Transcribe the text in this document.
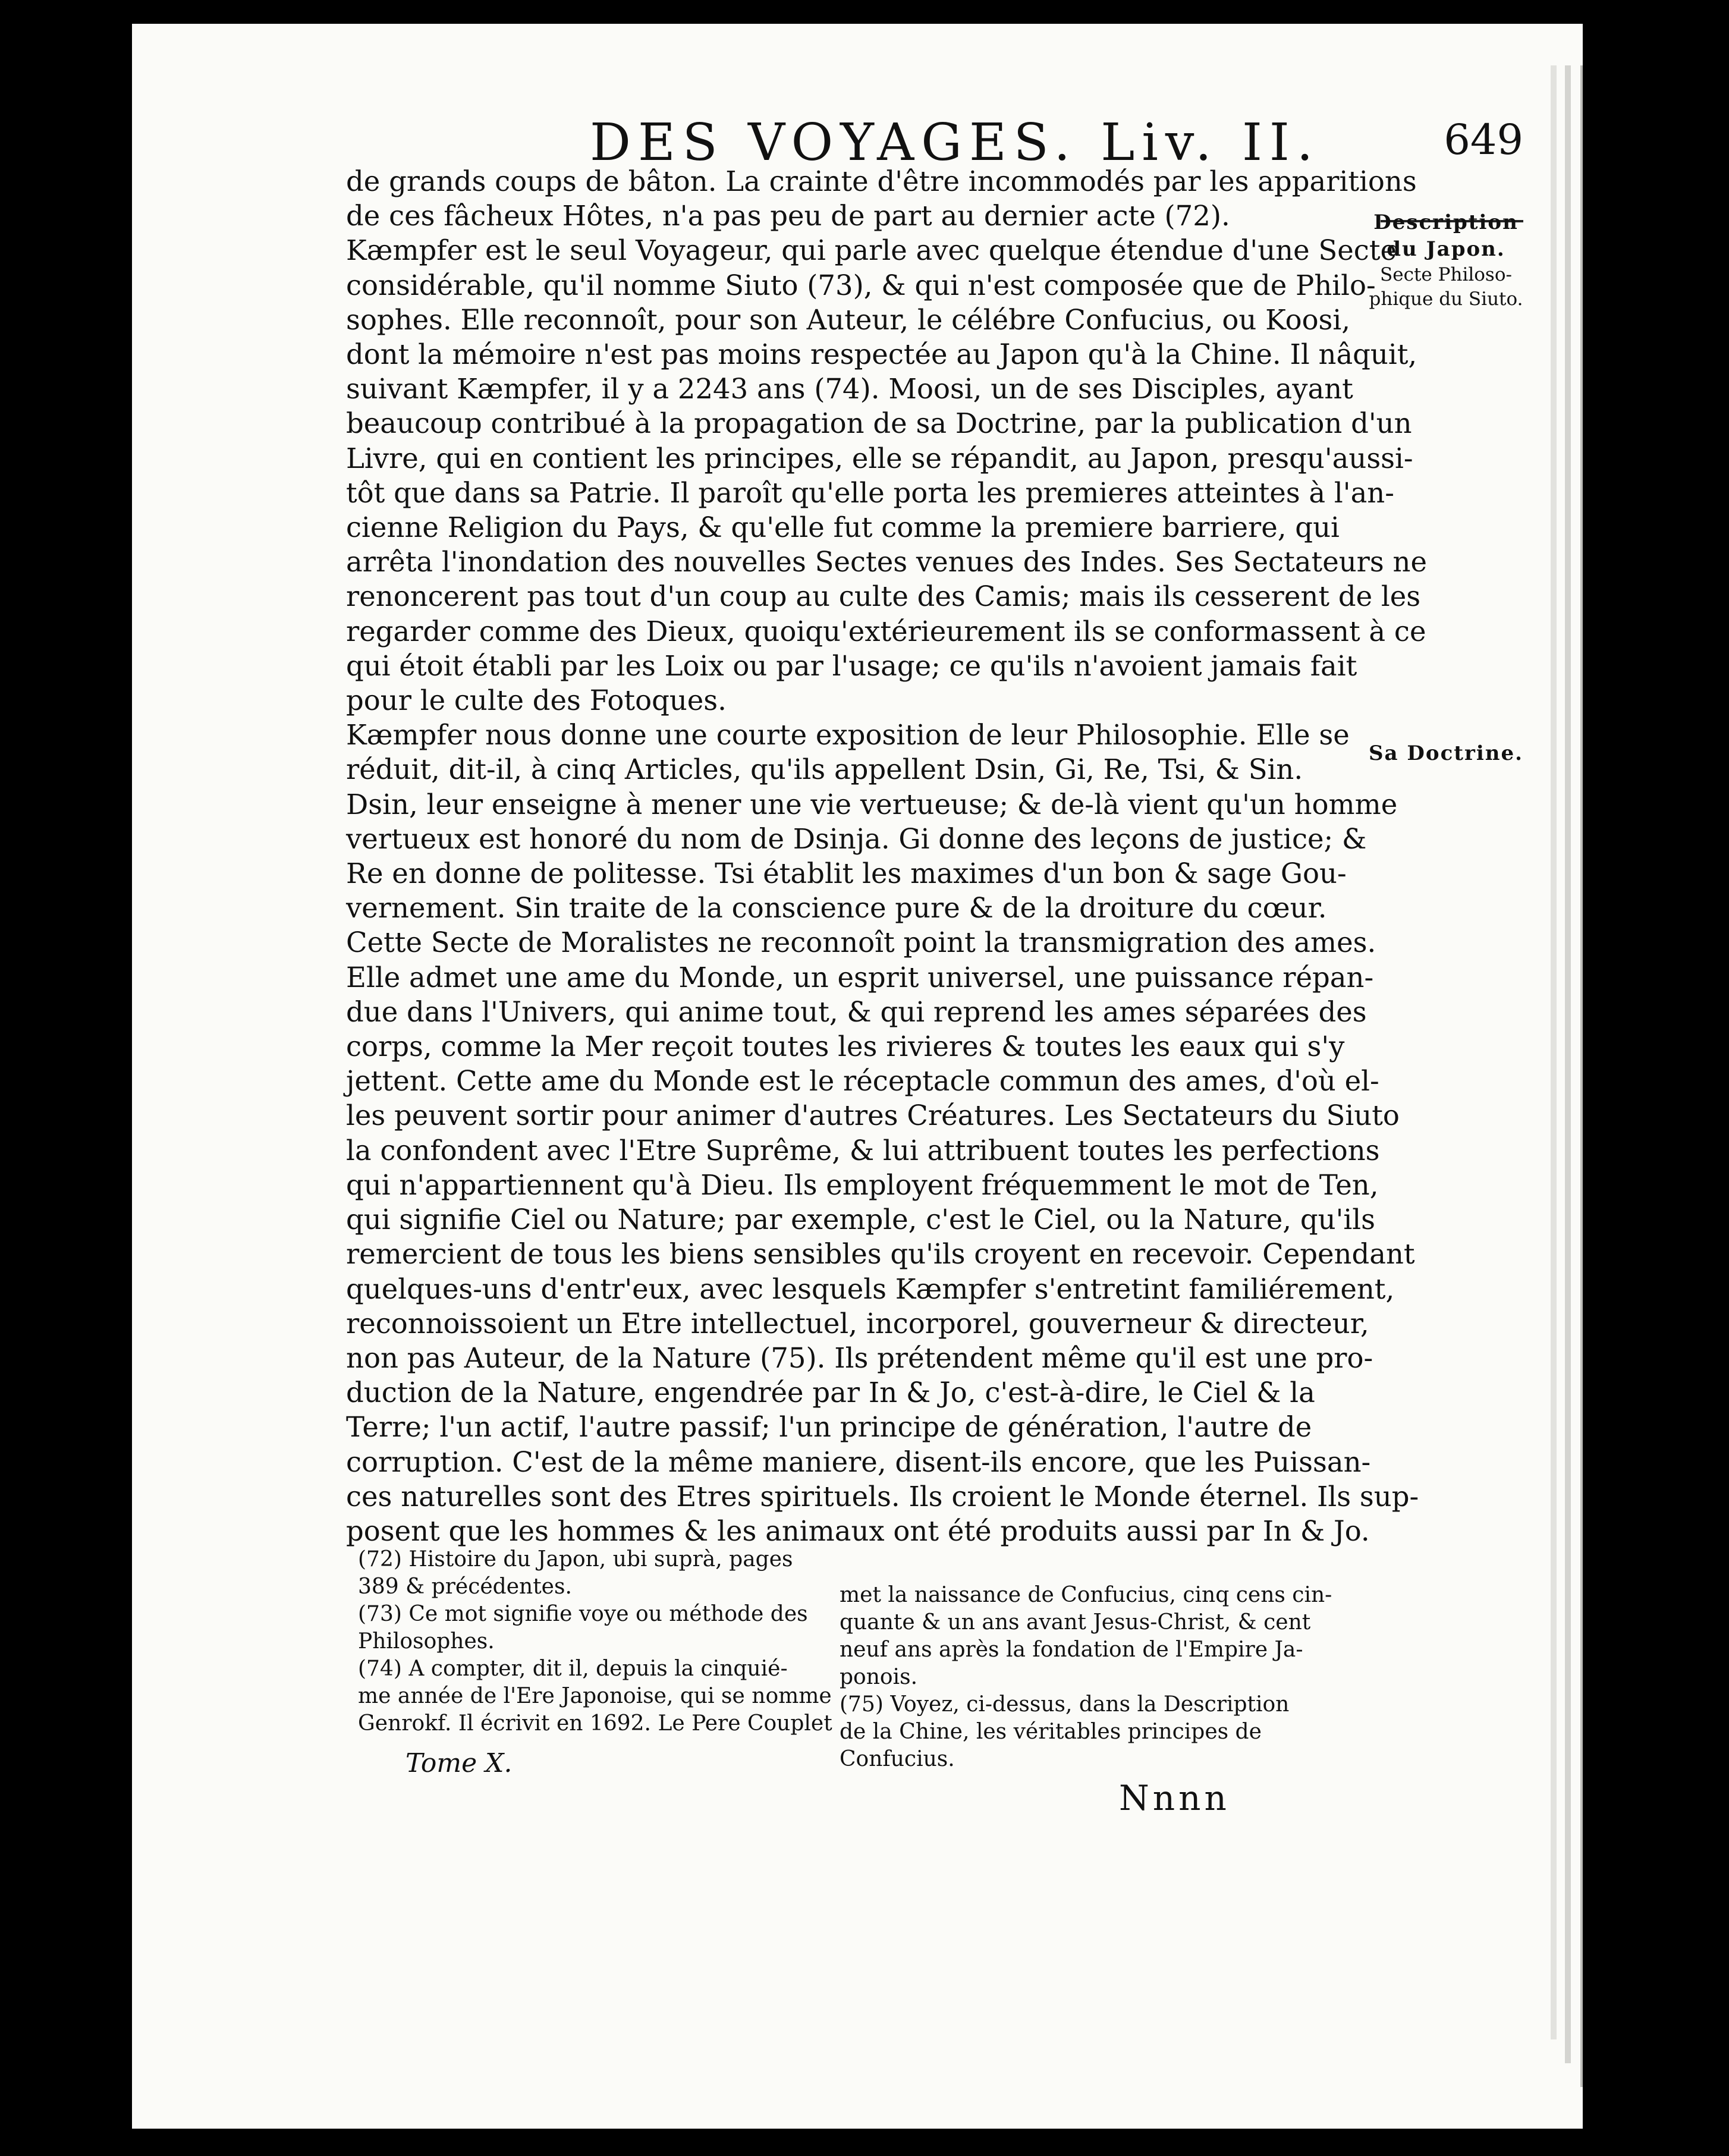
DES VOYAGES. Liv. II.	649
Description du Japon.
Secte Philoso-phique du Siuto.
Sa Doctrine.
de grands coups de bâton. La crainte d'être incommodés par les apparitions
de ces fâcheux Hôtes, n'a pas peu de part au dernier acte (72).
Kæmpfer est le seul Voyageur, qui parle avec quelque étendue d'une Secte
considérable, qu'il nomme Siuto (73), & qui n'est composée que de Philo-
sophes. Elle reconnoît, pour son Auteur, le célébre Confucius, ou Koosi,
dont la mémoire n'est pas moins respectée au Japon qu'à la Chine. Il nâquit,
suivant Kæmpfer, il y a 2243 ans (74). Moosi, un de ses Disciples, ayant
beaucoup contribué à la propagation de sa Doctrine, par la publication d'un
Livre, qui en contient les principes, elle se répandit, au Japon, presqu'aussi-
tôt que dans sa Patrie. Il paroît qu'elle porta les premieres atteintes à l'an-
cienne Religion du Pays, & qu'elle fut comme la premiere barriere, qui
arrêta l'inondation des nouvelles Sectes venues des Indes. Ses Sectateurs ne
renoncerent pas tout d'un coup au culte des Camis; mais ils cesserent de les
regarder comme des Dieux, quoiqu'extérieurement ils se conformassent à ce
qui étoit établi par les Loix ou par l'usage; ce qu'ils n'avoient jamais fait
pour le culte des Fotoques.
Kæmpfer nous donne une courte exposition de leur Philosophie. Elle se
réduit, dit-il, à cinq Articles, qu'ils appellent Dsin, Gi, Re, Tsi, & Sin.
Dsin, leur enseigne à mener une vie vertueuse; & de-là vient qu'un homme
vertueux est honoré du nom de Dsinja. Gi donne des leçons de justice; &
Re en donne de politesse. Tsi établit les maximes d'un bon & sage Gou-
vernement. Sin traite de la conscience pure & de la droiture du cœur.
Cette Secte de Moralistes ne reconnoît point la transmigration des ames.
Elle admet une ame du Monde, un esprit universel, une puissance répan-
due dans l'Univers, qui anime tout, & qui reprend les ames séparées des
corps, comme la Mer reçoit toutes les rivieres & toutes les eaux qui s'y
jettent. Cette ame du Monde est le réceptacle commun des ames, d'où el-
les peuvent sortir pour animer d'autres Créatures. Les Sectateurs du Siuto
la confondent avec l'Etre Suprême, & lui attribuent toutes les perfections
qui n'appartiennent qu'à Dieu. Ils employent fréquemment le mot de Ten,
qui signifie Ciel ou Nature; par exemple, c'est le Ciel, ou la Nature, qu'ils
remercient de tous les biens sensibles qu'ils croyent en recevoir. Cependant
quelques-uns d'entr'eux, avec lesquels Kæmpfer s'entretint familiérement,
reconnoissoient un Etre intellectuel, incorporel, gouverneur & directeur,
non pas Auteur, de la Nature (75). Ils prétendent même qu'il est une pro-
duction de la Nature, engendrée par In & Jo, c'est-à-dire, le Ciel & la
Terre; l'un actif, l'autre passif; l'un principe de génération, l'autre de
corruption. C'est de la même maniere, disent-ils encore, que les Puissan-
ces naturelles sont des Etres spirituels. Ils croient le Monde éternel. Ils sup-
posent que les hommes & les animaux ont été produits aussi par In & Jo.
(72) Histoire du Japon, ubi suprà, pages
389 & précédentes.
(73) Ce mot signifie voye ou méthode des
Philosophes.
(74) A compter, dit il, depuis la cinquié-
me année de l'Ere Japonoise, qui se nomme
Genrokf. Il écrivit en 1692. Le Pere Couplet
met la naissance de Confucius, cinq cens cin-
quante & un ans avant Jesus-Christ, & cent
neuf ans après la fondation de l'Empire Ja-
ponois.
(75) Voyez, ci-dessus, dans la Description
de la Chine, les véritables principes de
Confucius.
Tome X.
Nnnn
